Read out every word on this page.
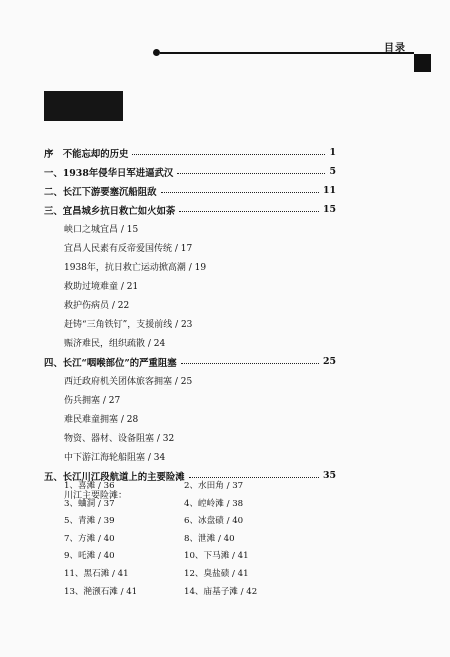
目录
序　不能忘却的历史	1
一、1938年侵华日军进逼武汉	5
二、长江下游要塞沉船阻敌	11
三、宜昌城乡抗日救亡如火如荼	15
峡口之城宜昌 / 15
宜昌人民素有反帝爱国传统 / 17
1938年，抗日救亡运动掀高潮 / 19
救助过境难童 / 21
救护伤病员 / 22
赶铸“三角铁钉”，支援前线 / 23
赈济难民，组织疏散 / 24
四、长江“咽喉部位”的严重阻塞	25
西迁政府机关团体旅客拥塞 / 25
伤兵拥塞 / 27
难民难童拥塞 / 28
物资、器材、设备阻塞 / 32
中下游江海轮船阻塞 / 34
五、长江川江段航道上的主要险滩	35
川江主要险滩：
1、喜滩 / 36	2、水田角 / 37
3、蛐洞 / 37	4、崆岭滩 / 38
5、青滩 / 39	6、冰盘碛 / 40
7、方滩 / 40	8、泄滩 / 40
9、吒滩 / 40	10、下马滩 / 41
11、黑石滩 / 41	12、臭盐碛 / 41
13、滟滪石滩 / 41	14、庙基子滩 / 42
